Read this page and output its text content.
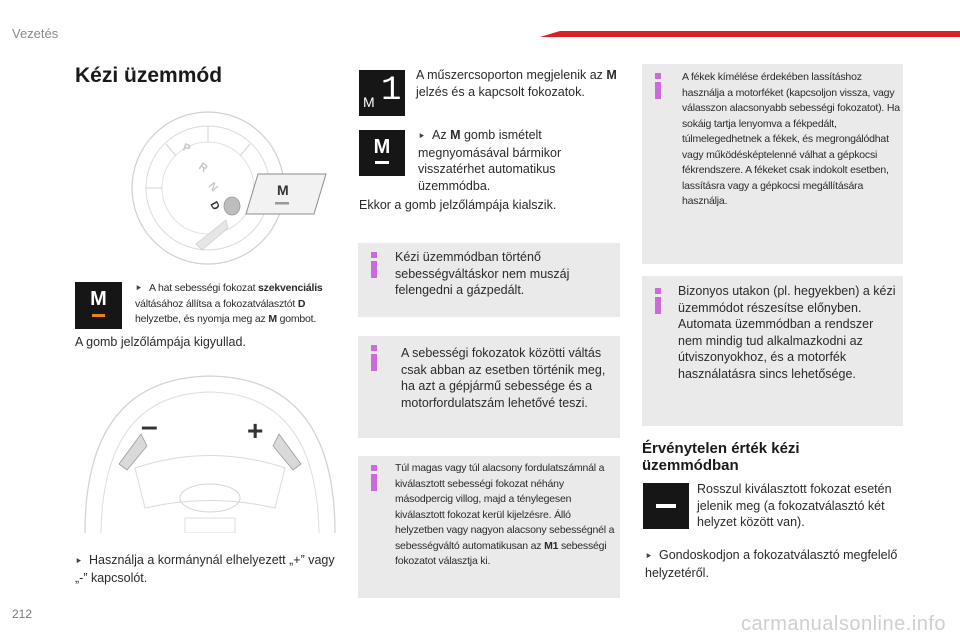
Vezetés
Kézi üzemmód
P
R
N
D
M
M	⯈ A hat sebességi fokozat szekvenciális váltásához állítsa a fokozatválasztót D helyzetbe, és nyomja meg az M gombot.
A gomb jelzőlámpája kigyullad.
–	+
⯈ Használja a kormánynál elhelyezett „+” vagy „-” kapcsolót.
M 1 A műszercsoporton megjelenik az M jelzés és a kapcsolt fokozatok.
M	⯈ Az M gomb ismételt megnyomásával bármikor visszatérhet automatikus üzemmódba.
Ekkor a gomb jelzőlámpája kialszik.
Kézi üzemmódban történő sebességváltáskor nem muszáj felengedni a gázpedált.
A sebességi fokozatok közötti váltás csak abban az esetben történik meg, ha azt a gépjármű sebessége és a motorfordulatszám lehetővé teszi.
Túl magas vagy túl alacsony fordulatszámnál a kiválasztott sebességi fokozat néhány másodpercig villog, majd a ténylegesen kiválasztott fokozat kerül kijelzésre. Álló helyzetben vagy nagyon alacsony sebességnél a sebességváltó automatikusan az M1 sebességi fokozatot választja ki.
A fékek kímélése érdekében lassításhoz használja a motorféket (kapcsoljon vissza, vagy válasszon alacsonyabb sebességi fokozatot). Ha sokáig tartja lenyomva a fékpedált, túlmelegedhetnek a fékek, és megrongálódhat vagy működésképtelenné válhat a gépkocsi fékrendszere. A fékeket csak indokolt esetben, lassításra vagy a gépkocsi megállítására használja.
Bizonyos utakon (pl. hegyekben) a kézi üzemmódot részesítse előnyben. Automata üzemmódban a rendszer nem mindig tud alkalmazkodni az útviszonyokhoz, és a motorfék használatásra sincs lehetősége.
Érvénytelen érték kézi üzemmódban
Rosszul kiválasztott fokozat esetén jelenik meg (a fokozatválasztó két helyzet között van).
⯈ Gondoskodjon a fokozatválasztó megfelelő helyzetéről.
212	carmanualsonline.info
